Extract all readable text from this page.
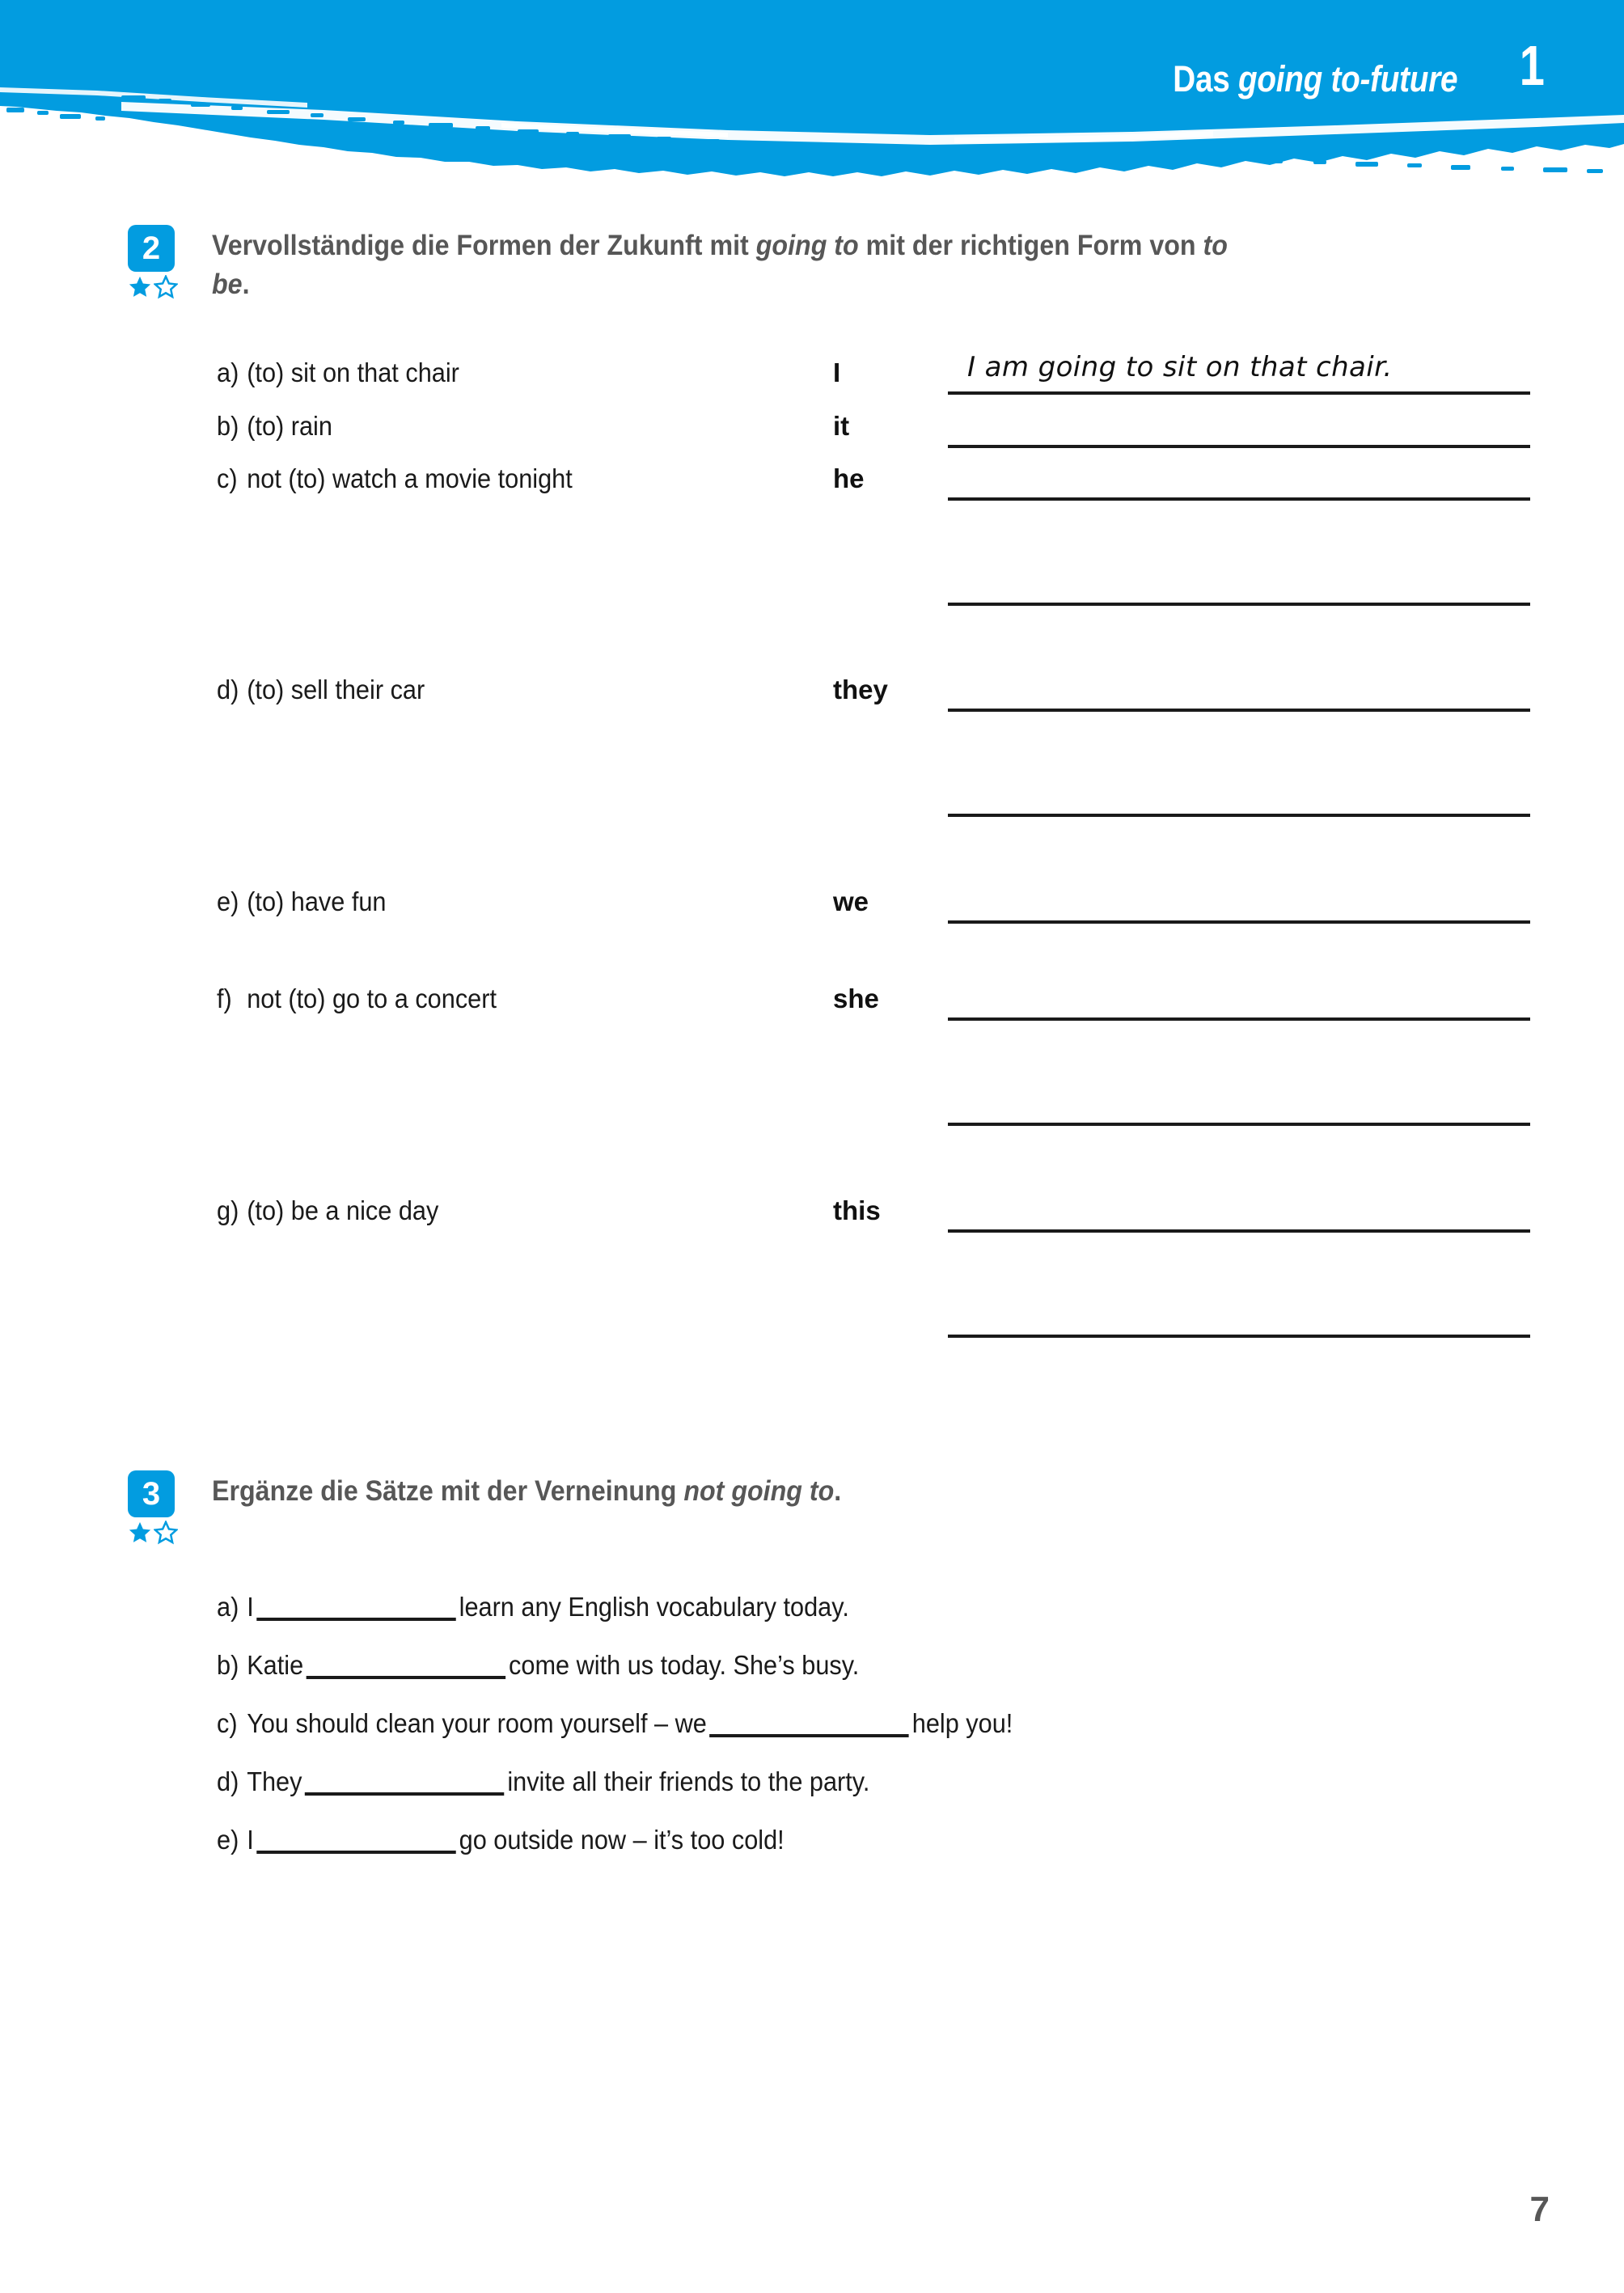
Das going to-future 1
2	Vervollständige die Formen der Zukunft mit going to mit der richtigen Form von to be.
a) (to) sit on that chair	I	I am going to sit on that chair.
b) (to) rain	it
c) not (to) watch a movie tonight	he
d) (to) sell their car	they
e) (to) have fun	we
f) not (to) go to a concert	she
g) (to) be a nice day	this
3	Ergänze die Sätze mit der Verneinung not going to.
a) I	learn any English vocabulary today.
b) Katie	come with us today. She’s busy.
c) You should clean your room yourself – we	help you!
d) They	invite all their friends to the party.
e) I	go outside now – it’s too cold!
7
